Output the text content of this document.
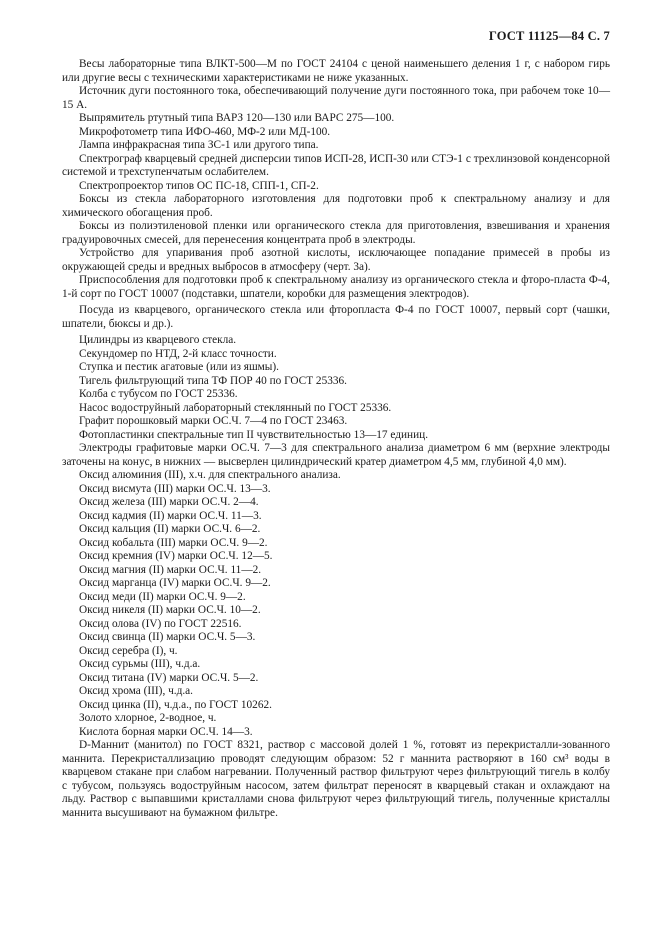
ГОСТ 11125—84 С. 7

Весы лабораторные типа ВЛКТ-500—М по ГОСТ 24104 с ценой наименьшего деления 1 г, с набором гирь или другие весы с техническими характеристиками не ниже указанных.

Источник дуги постоянного тока, обеспечивающий получение дуги постоянного тока, при рабочем токе 10—15 А.

Выпрямитель ртутный типа ВАРЗ 120—130 или ВАРС 275—100.

Микрофотометр типа ИФО-460, МФ-2 или МД-100.

Лампа инфракрасная типа ЗС-1 или другого типа.

Спектрограф кварцевый средней дисперсии типов ИСП-28, ИСП-30 или СТЭ-1 с трехлинзовой конденсорной системой и трехступенчатым ослабителем.

Спектропроектор типов ОС ПС-18, СПП-1, СП-2.

Боксы из стекла лабораторного изготовления для подготовки проб к спектральному анализу и для химического обогащения проб.

Боксы из полиэтиленовой пленки или органического стекла для приготовления, взвешивания и хранения градуировочных смесей, для перенесения концентрата проб в электроды.

Устройство для упаривания проб азотной кислоты, исключающее попадание примесей в пробы из окружающей среды и вредных выбросов в атмосферу (черт. 3а).

Приспособления для подготовки проб к спектральному анализу из органического стекла и фторо-пласта Ф-4, 1-й сорт по ГОСТ 10007 (подставки, шпатели, коробки для размещения электродов).

Посуда из кварцевого, органического стекла или фторопласта Ф-4 по ГОСТ 10007, первый сорт (чашки, шпатели, бюксы и др.).

Цилиндры из кварцевого стекла.

Секундомер по НТД, 2-й класс точности.

Ступка и пестик агатовые (или из яшмы).

Тигель фильтрующий типа ТФ ПОР 40 по ГОСТ 25336.

Колба с тубусом по ГОСТ 25336.

Насос водоструйный лабораторный стеклянный по ГОСТ 25336.

Графит порошковый марки ОС.Ч. 7—4 по ГОСТ 23463.

Фотопластинки спектральные тип II чувствительностью 13—17 единиц.

Электроды графитовые марки ОС.Ч. 7—3 для спектрального анализа диаметром 6 мм (верхние электроды заточены на конус, в нижних — высверлен цилиндрический кратер диаметром 4,5 мм, глубиной 4,0 мм).

Оксид алюминия (III), х.ч. для спектрального анализа.

Оксид висмута (III) марки ОС.Ч. 13—3.

Оксид железа (III) марки ОС.Ч. 2—4.

Оксид кадмия (II) марки ОС.Ч. 11—3.

Оксид кальция (II) марки ОС.Ч. 6—2.

Оксид кобальта (III) марки ОС.Ч. 9—2.

Оксид кремния (IV) марки ОС.Ч. 12—5.

Оксид магния (II) марки ОС.Ч. 11—2.

Оксид марганца (IV) марки ОС.Ч. 9—2.

Оксид меди (II) марки ОС.Ч. 9—2.

Оксид никеля (II) марки ОС.Ч. 10—2.

Оксид олова (IV) по ГОСТ 22516.

Оксид свинца (II) марки ОС.Ч. 5—3.

Оксид серебра (I), ч.

Оксид сурьмы (III), ч.д.а.

Оксид титана (IV) марки ОС.Ч. 5—2.

Оксид хрома (III), ч.д.а.

Оксид цинка (II), ч.д.а., по ГОСТ 10262.

Золото хлорное, 2-водное, ч.

Кислота борная марки ОС.Ч. 14—3.

D-Маннит (манитол) по ГОСТ 8321, раствор с массовой долей 1 %, готовят из перекристалли-зованного маннита. Перекристаллизацию проводят следующим образом: 52 г маннита растворяют в 160 см³ воды в кварцевом стакане при слабом нагревании. Полученный раствор фильтруют через фильтрующий тигель в колбу с тубусом, пользуясь водоструйным насосом, затем фильтрат переносят в кварцевый стакан и охлаждают на льду. Раствор с выпавшими кристаллами снова фильтруют через фильтрующий тигель, полученные кристаллы маннита высушивают на бумажном фильтре.
